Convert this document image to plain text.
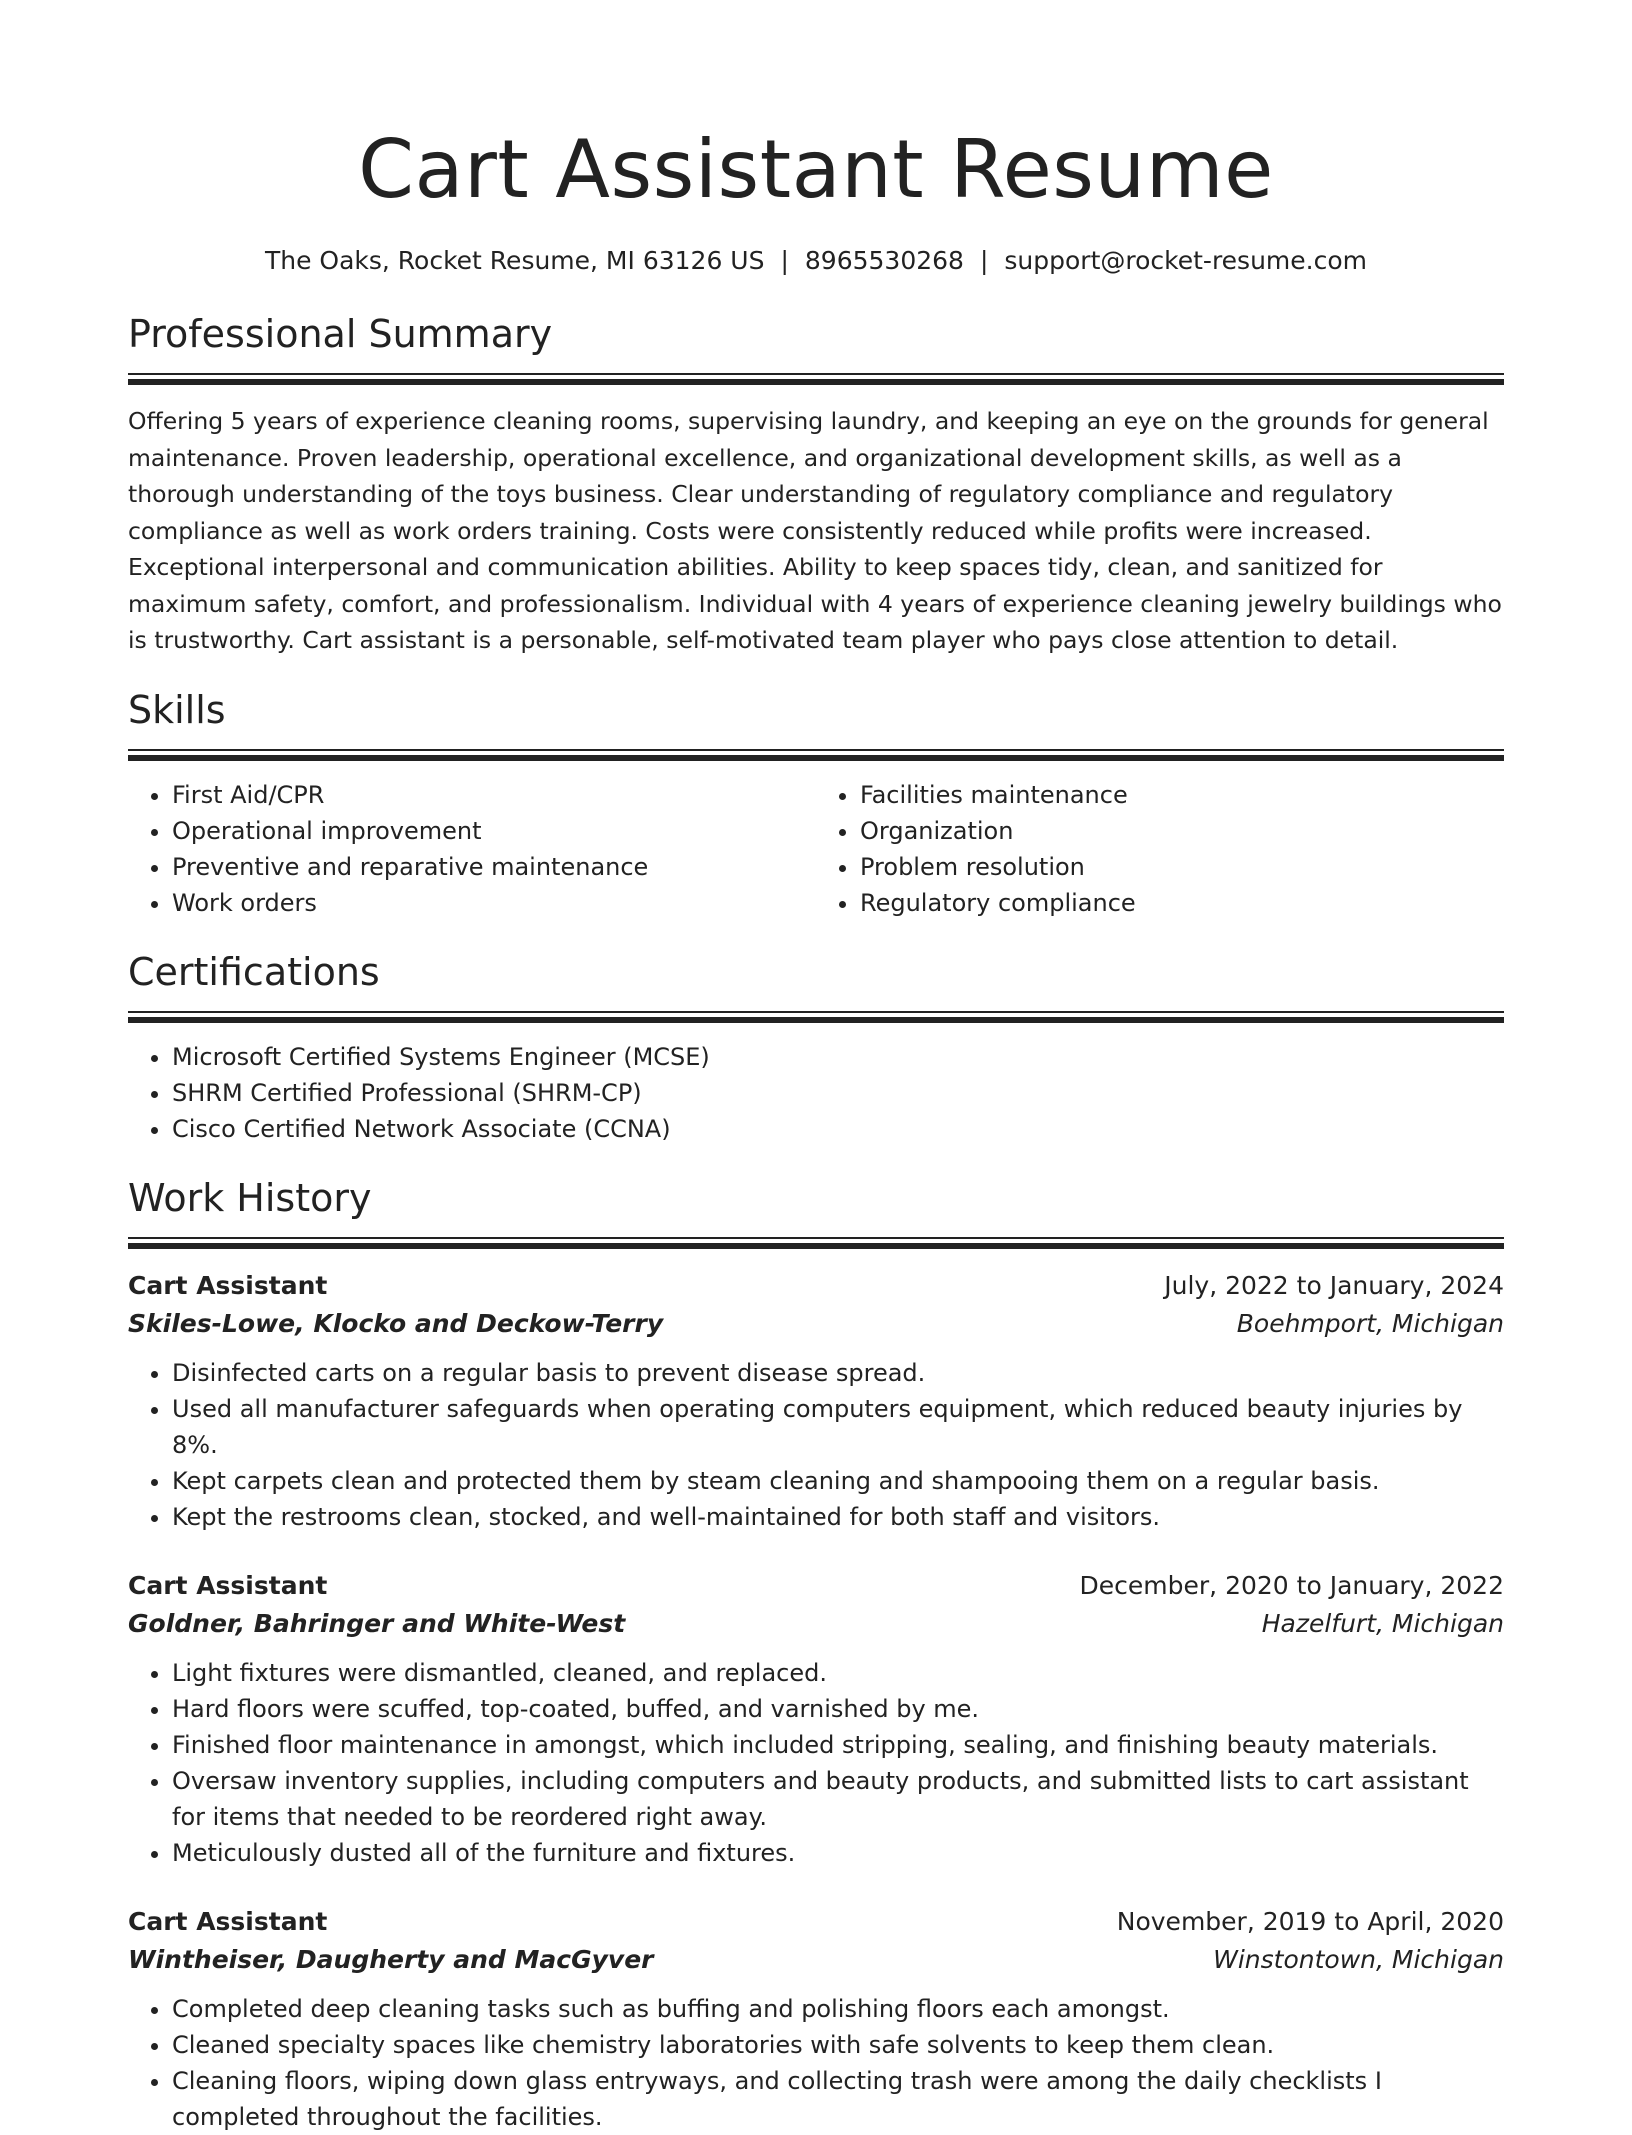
Cart Assistant Resume
The Oaks, Rocket Resume, MI 63126 US | 8965530268 | support@rocket-resume.com
Professional Summary
Offering 5 years of experience cleaning rooms, supervising laundry, and keeping an eye on the grounds for general maintenance. Proven leadership, operational excellence, and organizational development skills, as well as a thorough understanding of the toys business. Clear understanding of regulatory compliance and regulatory compliance as well as work orders training. Costs were consistently reduced while profits were increased. Exceptional interpersonal and communication abilities. Ability to keep spaces tidy, clean, and sanitized for maximum safety, comfort, and professionalism. Individual with 4 years of experience cleaning jewelry buildings who is trustworthy. Cart assistant is a personable, self-motivated team player who pays close attention to detail.
Skills
• First Aid/CPR
• Operational improvement
• Preventive and reparative maintenance
• Work orders
• Facilities maintenance
• Organization
• Problem resolution
• Regulatory compliance
Certifications
• Microsoft Certified Systems Engineer (MCSE)
• SHRM Certified Professional (SHRM-CP)
• Cisco Certified Network Associate (CCNA)
Work History
Cart Assistant	July, 2022 to January, 2024
Skiles-Lowe, Klocko and Deckow-Terry	Boehmport, Michigan
• Disinfected carts on a regular basis to prevent disease spread.
• Used all manufacturer safeguards when operating computers equipment, which reduced beauty injuries by 8%.
• Kept carpets clean and protected them by steam cleaning and shampooing them on a regular basis.
• Kept the restrooms clean, stocked, and well-maintained for both staff and visitors.
Cart Assistant	December, 2020 to January, 2022
Goldner, Bahringer and White-West	Hazelfurt, Michigan
• Light fixtures were dismantled, cleaned, and replaced.
• Hard floors were scuffed, top-coated, buffed, and varnished by me.
• Finished floor maintenance in amongst, which included stripping, sealing, and finishing beauty materials.
• Oversaw inventory supplies, including computers and beauty products, and submitted lists to cart assistant for items that needed to be reordered right away.
• Meticulously dusted all of the furniture and fixtures.
Cart Assistant	November, 2019 to April, 2020
Wintheiser, Daugherty and MacGyver	Winstontown, Michigan
• Completed deep cleaning tasks such as buffing and polishing floors each amongst.
• Cleaned specialty spaces like chemistry laboratories with safe solvents to keep them clean.
• Cleaning floors, wiping down glass entryways, and collecting trash were among the daily checklists I completed throughout the facilities.
